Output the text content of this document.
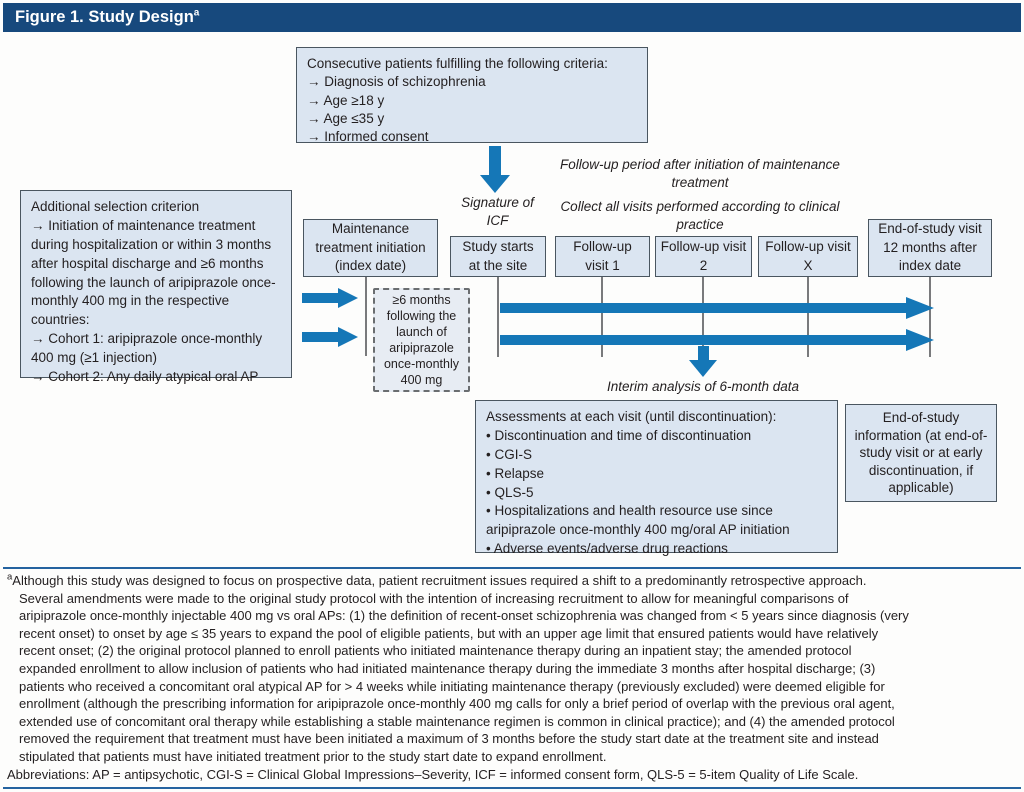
Figure 1. Study Design$^a$
Consecutive patients fulfilling the following criteria:
→ Diagnosis of schizophrenia
→ Age ≥18 y
→ Age ≤35 y
→ Informed consent
Additional selection criterion
→ Initiation of maintenance treatment during hospitalization or within 3 months after hospital discharge and ≥6 months following the launch of aripiprazole once-monthly 400 mg in the respective countries:
→ Cohort 1: aripiprazole once-monthly 400 mg (≥1 injection)
→ Cohort 2: Any daily atypical oral AP
Maintenance treatment initiation (index date)
Study starts at the site
Follow-up visit 1
Follow-up visit 2
Follow-up visit X
End-of-study visit 12 months after index date
≥6 months following the launch of aripiprazole once-monthly 400 mg
Signature of ICF
Follow-up period after initiation of maintenance treatment
Collect all visits performed according to clinical practice
Interim analysis of 6-month data
Assessments at each visit (until discontinuation):
• Discontinuation and time of discontinuation
• CGI-S
• Relapse
• QLS-5
• Hospitalizations and health resource use since aripiprazole once-monthly 400 mg/oral AP initiation
• Adverse events/adverse drug reactions
End-of-study information (at end-of-study visit or at early discontinuation, if applicable)
$^a$Although this study was designed to focus on prospective data, patient recruitment issues required a shift to a predominantly retrospective approach.
Several amendments were made to the original study protocol with the intention of increasing recruitment to allow for meaningful comparisons of
aripiprazole once-monthly injectable 400 mg vs oral APs: (1) the definition of recent-onset schizophrenia was changed from < 5 years since diagnosis (very
recent onset) to onset by age ≤ 35 years to expand the pool of eligible patients, but with an upper age limit that ensured patients would have relatively
recent onset; (2) the original protocol planned to enroll patients who initiated maintenance therapy during an inpatient stay; the amended protocol
expanded enrollment to allow inclusion of patients who had initiated maintenance therapy during the immediate 3 months after hospital discharge; (3)
patients who received a concomitant oral atypical AP for > 4 weeks while initiating maintenance therapy (previously excluded) were deemed eligible for
enrollment (although the prescribing information for aripiprazole once-monthly 400 mg calls for only a brief period of overlap with the previous oral agent,
extended use of concomitant oral therapy while establishing a stable maintenance regimen is common in clinical practice); and (4) the amended protocol
removed the requirement that treatment must have been initiated a maximum of 3 months before the study start date at the treatment site and instead
stipulated that patients must have initiated treatment prior to the study start date to expand enrollment.
Abbreviations: AP = antipsychotic, CGI-S = Clinical Global Impressions–Severity, ICF = informed consent form, QLS-5 = 5-item Quality of Life Scale.
